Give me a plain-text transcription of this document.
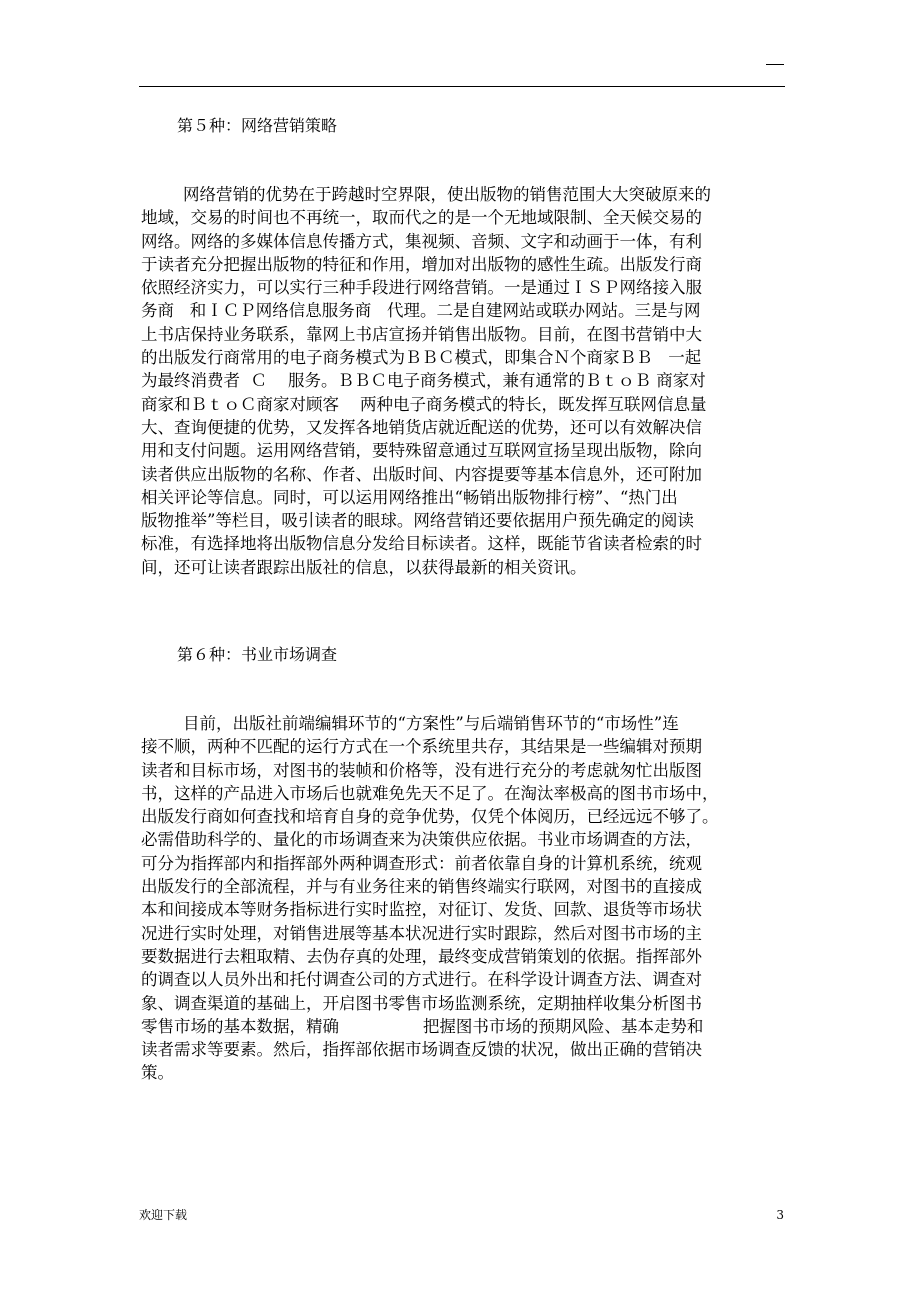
第５种：网络营销策略
网络营销的优势在于跨越时空界限，使出版物的销售范围大大突破原来的
地域，交易的时间也不再统一，取而代之的是一个无地域限制、全天候交易的
网络。网络的多媒体信息传播方式，集视频、音频、文字和动画于一体，有利
于读者充分把握出版物的特征和作用，增加对出版物的感性生疏。出版发行商
依照经济实力，可以实行三种手段进行网络营销。一是通过ＩＳＰ网络接入服
务商   和ＩＣＰ网络信息服务商   代理。二是自建网站或联办网站。三是与网
上书店保持业务联系，靠网上书店宣扬并销售出版物。目前，在图书营销中大
的出版发行商常用的电子商务模式为ＢＢＣ模式，即集合Ｎ个商家ＢＢ   一起
为最终消费者  Ｃ    服务。ＢＢＣ电子商务模式，兼有通常的ＢｔｏＢ 商家对
商家和ＢｔｏＣ商家对顾客    两种电子商务模式的特长，既发挥互联网信息量
大、查询便捷的优势，又发挥各地销货店就近配送的优势，还可以有效解决信
用和支付问题。运用网络营销，要特殊留意通过互联网宣扬呈现出版物，除向
读者供应出版物的名称、作者、出版时间、内容提要等基本信息外，还可附加
相关评论等信息。同时，可以运用网络推出“畅销出版物排行榜”、“热门出
版物推举”等栏目，吸引读者的眼球。网络营销还要依据用户预先确定的阅读
标准，有选择地将出版物信息分发给目标读者。这样，既能节省读者检索的时
间，还可让读者跟踪出版社的信息，以获得最新的相关资讯。
第６种：书业市场调查
目前，出版社前端编辑环节的“方案性”与后端销售环节的“市场性”连
接不顺，两种不匹配的运行方式在一个系统里共存，其结果是一些编辑对预期
读者和目标市场，对图书的装帧和价格等，没有进行充分的考虑就匆忙出版图
书，这样的产品进入市场后也就难免先天不足了。在淘汰率极高的图书市场中，
出版发行商如何查找和培育自身的竞争优势，仅凭个体阅历，已经远远不够了。
必需借助科学的、量化的市场调查来为决策供应依据。书业市场调查的方法，
可分为指挥部内和指挥部外两种调查形式：前者依靠自身的计算机系统，统观
出版发行的全部流程，并与有业务往来的销售终端实行联网，对图书的直接成
本和间接成本等财务指标进行实时监控，对征订、发货、回款、退货等市场状
况进行实时处理，对销售进展等基本状况进行实时跟踪，然后对图书市场的主
要数据进行去粗取精、去伪存真的处理，最终变成营销策划的依据。指挥部外
的调查以人员外出和托付调查公司的方式进行。在科学设计调查方法、调查对
象、调查渠道的基础上，开启图书零售市场监测系统，定期抽样收集分析图书
零售市场的基本数据，精确                把握图书市场的预期风险、基本走势和
读者需求等要素。然后，指挥部依据市场调查反馈的状况，做出正确的营销决
策。
欢迎下载	3
